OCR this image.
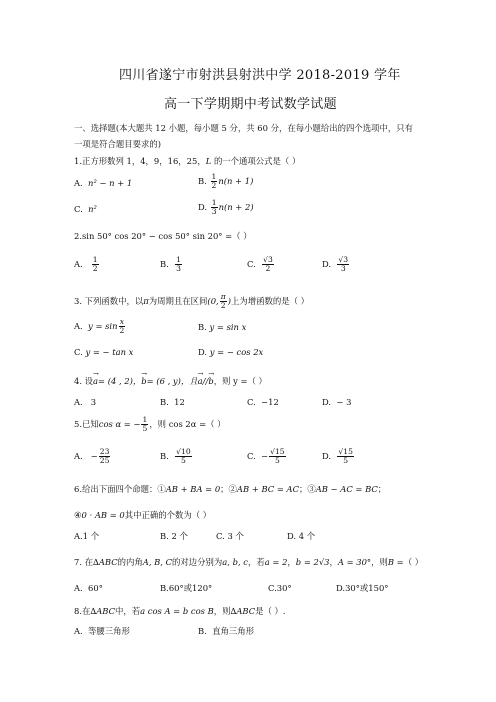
四川省遂宁市射洪县射洪中学 2018-2019 学年
高一下学期期中考试数学试题
一、选择题(本大题共 12 小题，每小题 5 分，共 60 分，在每小题给出的四个选项中，只有
一项是符合题目要求的)
1.正方形数列 1，4，9，16，25，L 的一个通项公式是（ ）
A. n² − n + 1	B. $\frac{1}{2} n(n + 1)$
C. n²	D. $\frac{1}{3} n(n + 2)$
2.sin 50° cos 20° − cos 50° sin 20° =（ ）
A. $\frac{1}{2}$	B. $\frac{1}{3}$	C. $\frac{√3}{2}$	D. $\frac{√3}{3}$
3. 下列函数中，以π为周期且在区间(0, $\frac{\pi}{2}$ )上为增函数的是（ ）
A. $y = \sin \frac{x}{2}$	B. y = sin x
C. y = − tan x	D. y = − cos 2x
4. 设→ a= (4 , 2)，→ b= (6 , y)，且→ a//→ b，则 y =（ ）
A. 3	B. 12	C. −12	D. − 3
5.已知cos α = − $\frac{1}{5}$ ，则 cos 2α =（ ）
A. − $\frac{23}{25}$	B. $\frac{√10}{5}$	C. − $\frac{√15}{5}$	D. $\frac{√15}{5}$
6.给出下面四个命题：①AB + BA = 0；②AB + BC = AC；③AB − AC = BC；
④0 · AB = 0其中正确的个数为（ ）
A.1 个	B. 2 个	C. 3 个	D. 4 个
7. 在∆ABC的内角A, B, C的对边分别为a, b, c，若a = 2，b = 2√3，A = 30°，则B =（ ）
A. 60°	B.60°或120°	C.30°	D.30°或150°
8.在∆ABC中，若a cos A = b cos B，则∆ABC是（ ）.
A. 等腰三角形	B. 直角三角形
